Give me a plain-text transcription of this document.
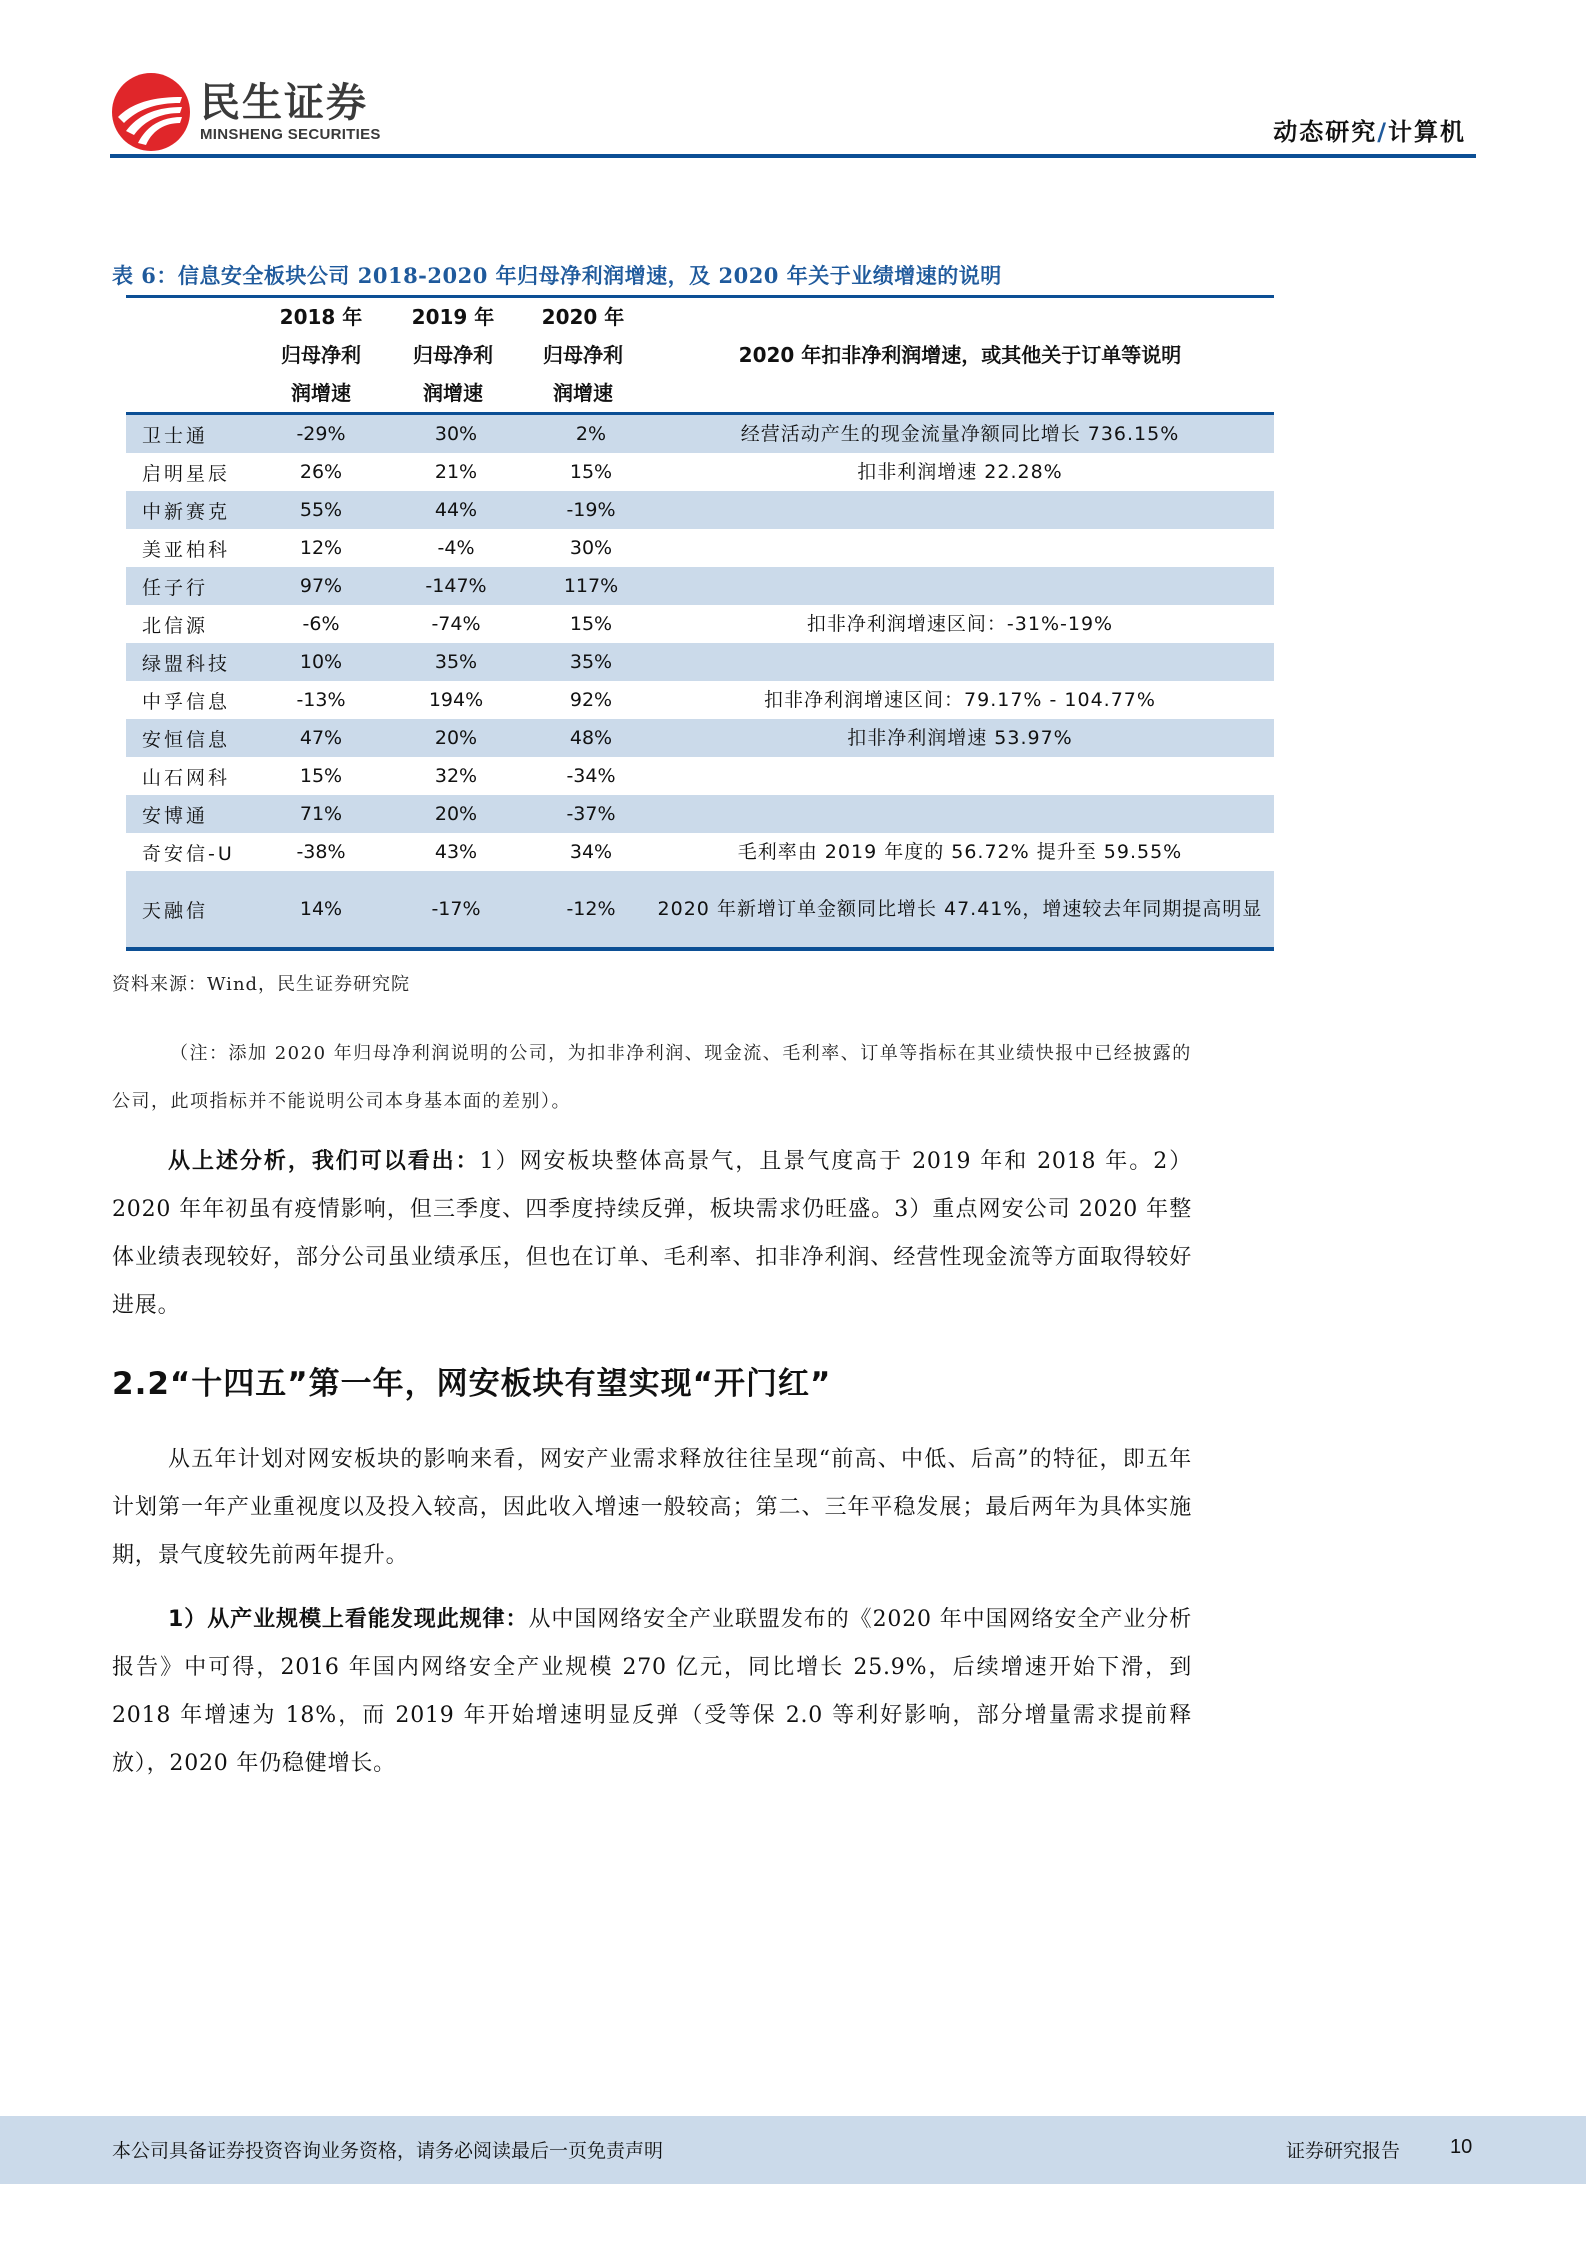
民生证券
MINSHENG SECURITIES	动态研究/计算机
表 6：信息安全板块公司 2018-2020 年归母净利润增速，及 2020 年关于业绩增速的说明
2018 年
归母净利
润增速
2019 年
归母净利
润增速
2020 年
归母净利
润增速
2020 年扣非净利润增速，或其他关于订单等说明
卫士通	-29%	30%	2%	经营活动产生的现金流量净额同比增长 736.15%
启明星辰	26%	21%	15%	扣非利润增速 22.28%
中新赛克	55%	44%	-19%
美亚柏科	12%	-4%	30%
任子行	97%	-147%	117%
北信源	-6%	-74%	15%	扣非净利润增速区间：-31%-19%
绿盟科技	10%	35%	35%
中孚信息	-13%	194%	92%	扣非净利润增速区间：79.17% - 104.77%
安恒信息	47%	20%	48%	扣非净利润增速 53.97%
山石网科	15%	32%	-34%
安博通	71%	20%	-37%
奇安信-U	-38%	43%	34%	毛利率由 2019 年度的 56.72% 提升至 59.55%
天融信	14%	-17%	-12%	2020 年新增订单金额同比增长 47.41%，增速较去年同期提高明显
资料来源：Wind，民生证券研究院
（注：添加 2020 年归母净利润说明的公司，为扣非净利润、现金流、毛利率、订单等指标在其业绩快报中已经披露的公司，此项指标并不能说明公司本身基本面的差别）。
从上述分析，我们可以看出：1）网安板块整体高景气，且景气度高于 2019 年和 2018 年。2）2020 年年初虽有疫情影响，但三季度、四季度持续反弹，板块需求仍旺盛。3）重点网安公司 2020 年整体业绩表现较好，部分公司虽业绩承压，但也在订单、毛利率、扣非净利润、经营性现金流等方面取得较好进展。
2.2“十四五”第一年，网安板块有望实现“开门红”
从五年计划对网安板块的影响来看，网安产业需求释放往往呈现“前高、中低、后高”的特征，即五年计划第一年产业重视度以及投入较高，因此收入增速一般较高；第二、三年平稳发展；最后两年为具体实施期，景气度较先前两年提升。
1）从产业规模上看能发现此规律：从中国网络安全产业联盟发布的《2020 年中国网络安全产业分析报告》中可得，2016 年国内网络安全产业规模 270 亿元，同比增长 25.9%，后续增速开始下滑，到 2018 年增速为 18%，而 2019 年开始增速明显反弹（受等保 2.0 等利好影响，部分增量需求提前释放），2020 年仍稳健增长。
本公司具备证券投资咨询业务资格，请务必阅读最后一页免责声明	证券研究报告 10
